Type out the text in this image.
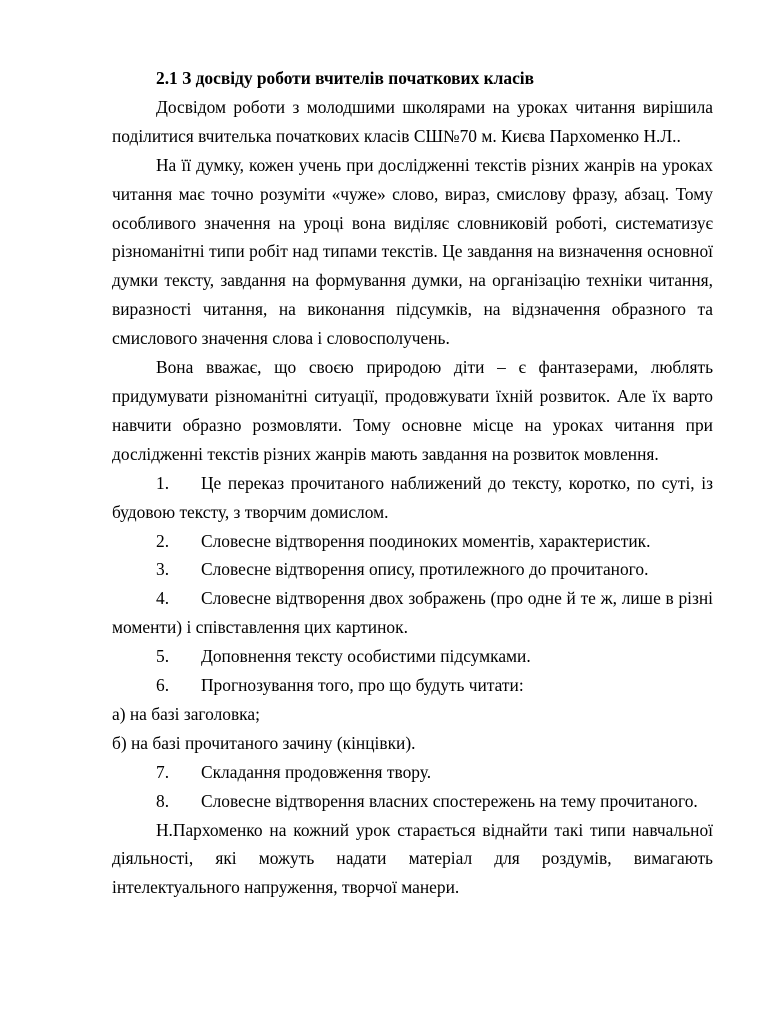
2.1 З досвіду роботи вчителів початкових класів

Досвідом роботи з молодшими школярами на уроках читання вирішила поділитися вчителька початкових класів СШ№70 м. Києва Пархоменко Н.Л..

На її думку, кожен учень при дослідженні текстів різних жанрів на уроках читання має точно розуміти «чуже» слово, вираз, смислову фразу, абзац. Тому особливого значення на уроці вона виділяє словниковій роботі, систематизує різноманітні типи робіт над типами текстів. Це завдання на визначення основної думки тексту, завдання на формування думки, на організацію техніки читання, виразності читання, на виконання підсумків, на відзначення образного та смислового значення слова і словосполучень.

Вона вважає, що своєю природою діти – є фантазерами, люблять придумувати різноманітні ситуації, продовжувати їхній розвиток. Але їх варто навчити образно розмовляти. Тому основне місце на уроках читання при дослідженні текстів різних жанрів мають завдання на розвиток мовлення.

1. Це переказ прочитаного наближений до тексту, коротко, по суті, із будовою тексту, з творчим домислом.

2. Словесне відтворення поодиноких моментів, характеристик.

3. Словесне відтворення опису, протилежного до прочитаного.

4. Словесне відтворення двох зображень (про одне й те ж, лише в різні моменти) і співставлення цих картинок.

5. Доповнення тексту особистими підсумками.

6. Прогнозування того, про що будуть читати:

а) на базі заголовка;

б) на базі прочитаного зачину (кінцівки).

7. Складання продовження твору.

8. Словесне відтворення власних спостережень на тему прочитаного.

Н.Пархоменко на кожний урок старається віднайти такі типи навчальної діяльності, які можуть надати матеріал для роздумів, вимагають інтелектуального напруження, творчої манери.
